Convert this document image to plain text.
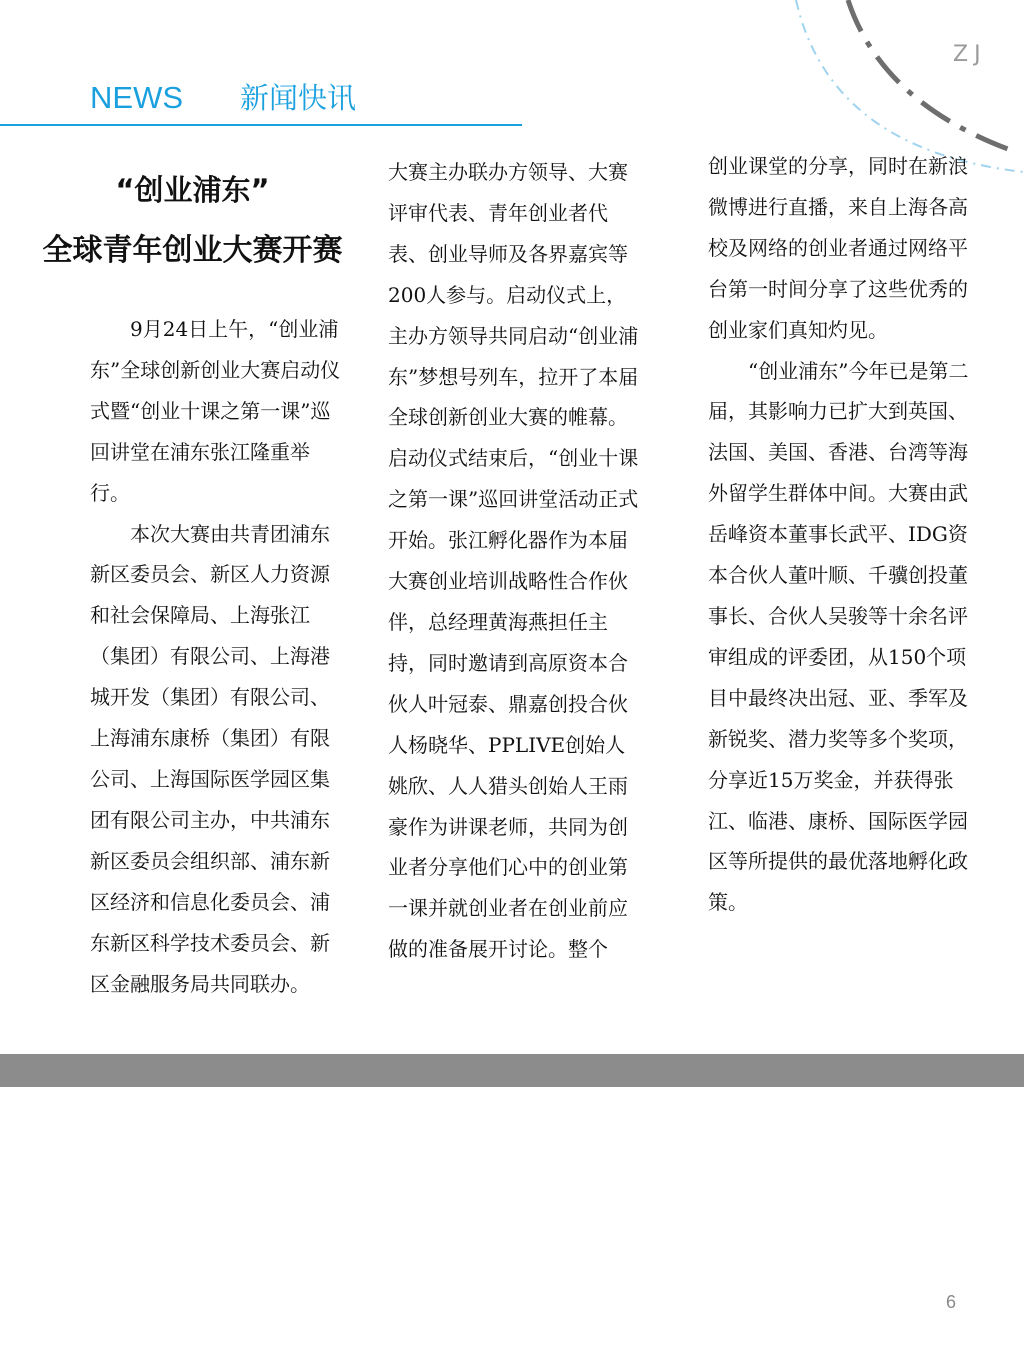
ZJ
NEWS 新闻快讯
“创业浦东”
全球青年创业大赛开赛

9月24日上午，“创业浦东”全球创新创业大赛启动仪式暨“创业十课之第一课”巡回讲堂在浦东张江隆重举行。

本次大赛由共青团浦东新区委员会、新区人力资源和社会保障局、上海张江（集团）有限公司、上海港城开发（集团）有限公司、上海浦东康桥（集团）有限公司、上海国际医学园区集团有限公司主办，中共浦东新区委员会组织部、浦东新区经济和信息化委员会、浦东新区科学技术委员会、新区金融服务局共同联办。

大赛主办联办方领导、大赛评审代表、青年创业者代表、创业导师及各界嘉宾等200人参与。启动仪式上，主办方领导共同启动“创业浦东”梦想号列车，拉开了本届全球创新创业大赛的帷幕。启动仪式结束后，“创业十课之第一课”巡回讲堂活动正式开始。张江孵化器作为本届大赛创业培训战略性合作伙伴，总经理黄海燕担任主持，同时邀请到高原资本合伙人叶冠泰、鼎嘉创投合伙人杨晓华、PPLIVE创始人姚欣、人人猎头创始人王雨豪作为讲课老师，共同为创业者分享他们心中的创业第一课并就创业者在创业前应做的准备展开讨论。整个

创业课堂的分享，同时在新浪微博进行直播，来自上海各高校及网络的创业者通过网络平台第一时间分享了这些优秀的创业家们真知灼见。

“创业浦东”今年已是第二届，其影响力已扩大到英国、法国、美国、香港、台湾等海外留学生群体中间。大赛由武岳峰资本董事长武平、IDG资本合伙人董叶顺、千骥创投董事长、合伙人吴骏等十余名评审组成的评委团，从150个项目中最终决出冠、亚、季军及新锐奖、潜力奖等多个奖项，分享近15万奖金，并获得张江、临港、康桥、国际医学园区等所提供的最优落地孵化政策。

6
